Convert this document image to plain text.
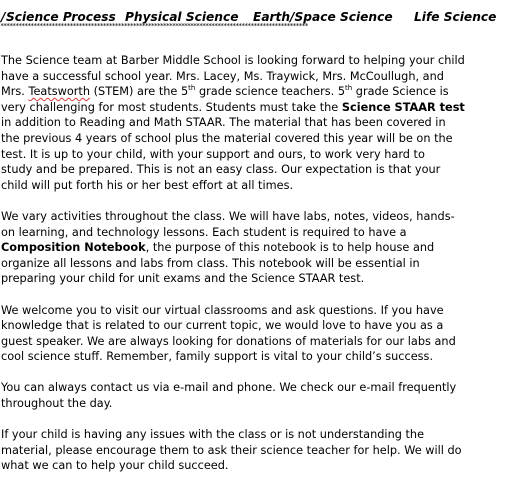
/

Science Process

Physical Science

Earth/Space Science

Life Science

******************************************************************************************************
The Science team at Barber Middle School is looking forward to helping your child
have a successful school year. Mrs. Lacey, Ms. Traywick, Mrs. McCoullugh, and
Mrs. Teatsworth (STEM) are the 5th grade science teachers. 5th grade Science is
very challenging for most students. Students must take the Science STAAR test
in addition to Reading and Math STAAR. The material that has been covered in
the previous 4 years of school plus the material covered this year will be on the
test. It is up to your child, with your support and ours, to work very hard to
study and be prepared. This is not an easy class. Our expectation is that your
child will put forth his or her best effort at all times.
We vary activities throughout the class. We will have labs, notes, videos, hands-
on learning, and technology lessons. Each student is required to have a
Composition Notebook, the purpose of this notebook is to help house and
organize all lessons and labs from class. This notebook will be essential in
preparing your child for unit exams and the Science STAAR test.
We welcome you to visit our virtual classrooms and ask questions. If you have
knowledge that is related to our current topic, we would love to have you as a
guest speaker. We are always looking for donations of materials for our labs and
cool science stuff. Remember, family support is vital to your child’s success.
You can always contact us via e-mail and phone. We check our e-mail frequently
throughout the day.
If your child is having any issues with the class or is not understanding the
material, please encourage them to ask their science teacher for help. We will do
what we can to help your child succeed.
